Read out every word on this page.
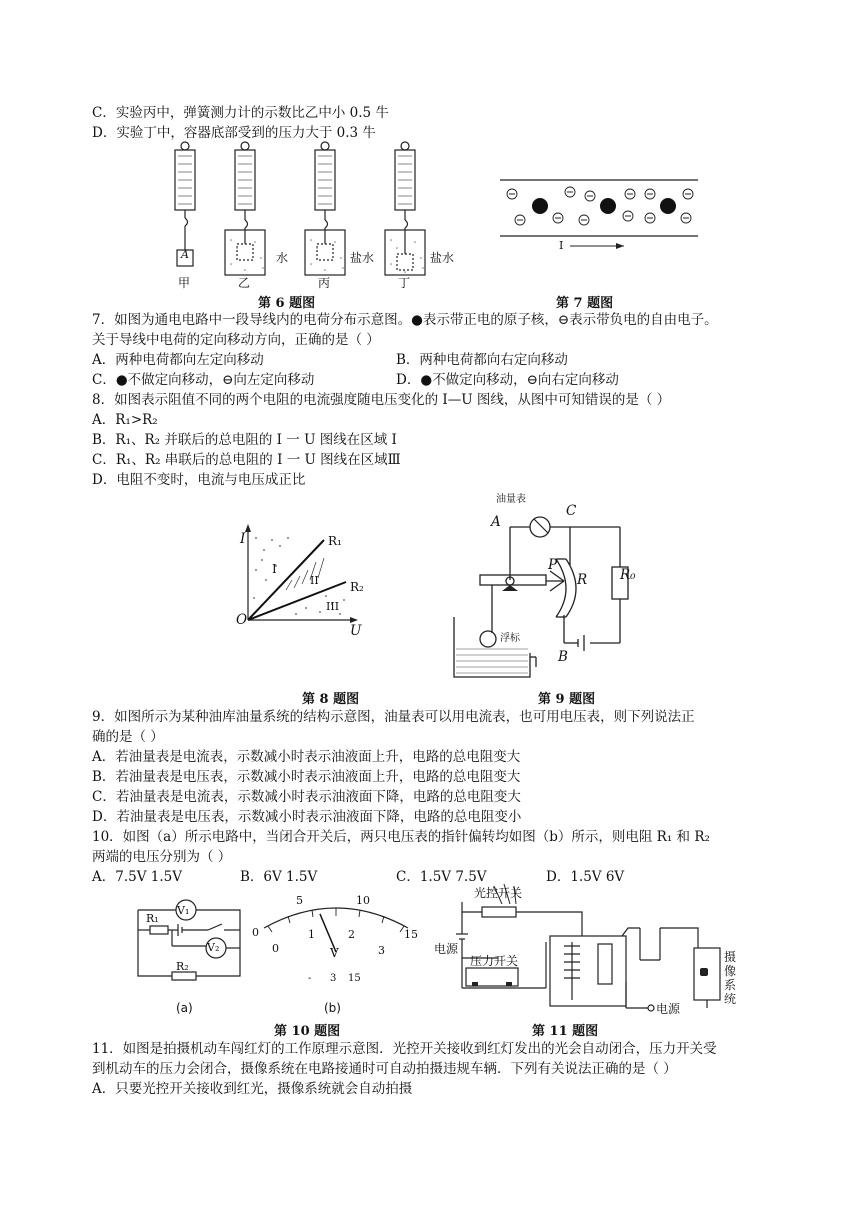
C．实验丙中，弹簧测力计的示数比乙中小 0.5 牛
D．实验丁中，容器底部受到的压力大于 0.3 牛
A
甲	乙	丙	丁
水	盐水	盐水
第 6 题图
I
第 7 题图
7．如图为通电电路中一段导线内的电荷分布示意图。●表示带正电的原子核，⊖表示带负电的自由电子。
关于导线中电荷的定向移动方向，正确的是（ ）
A．两种电荷都向左定向移动	B．两种电荷都向右定向移动
C．●不做定向移动，⊖向左定向移动	D．●不做定向移动，⊖向右定向移动
8．如图表示阻值不同的两个电阻的电流强度随电压变化的 I—U 图线，从图中可知错误的是（ ）
A．R₁>R₂
B．R₁、R₂ 并联后的总电阻的 I 一 U 图线在区域 I
C．R₁、R₂ 串联后的总电阻的 I 一 U 图线在区域Ⅲ
D．电阻不变时，电流与电压成正比
I
U
O
R₁
R₂
I
II
III
第 8 题图
油量表
A
C
P
R R₀
浮标
B
第 9 题图
9．如图所示为某种油库油量系统的结构示意图，油量表可以用电流表，也可用电压表，则下列说法正
确的是（ ）
A．若油量表是电流表，示数减小时表示油液面上升，电路的总电阻变大
B．若油量表是电压表，示数减小时表示油液面上升，电路的总电阻变大
C．若油量表是电流表，示数减小时表示油液面下降，电路的总电阻变大
D．若油量表是电压表，示数减小时表示油液面下降，电路的总电阻变小
10．如图（a）所示电路中，当闭合开关后，两只电压表的指针偏转均如图（b）所示，则电阻 R₁ 和 R₂
两端的电压分别为（ ）
A．7.5V 1.5V	B．6V 1.5V	C．1.5V 7.5V	D．1.5V 6V
V₁
R₁
V₂
R₂
(a)
0
5	10
15
0
1	2
3
V
- 3 15
(b)
第 10 题图
光控开关
电源
压力开关
电源
摄像系统
第 11 题图
11．如图是拍摄机动车闯红灯的工作原理示意图．光控开关接收到红灯发出的光会自动闭合，压力开关受
到机动车的压力会闭合，摄像系统在电路接通时可自动拍摄违规车辆．下列有关说法正确的是（ ）
A．只要光控开关接收到红光，摄像系统就会自动拍摄
